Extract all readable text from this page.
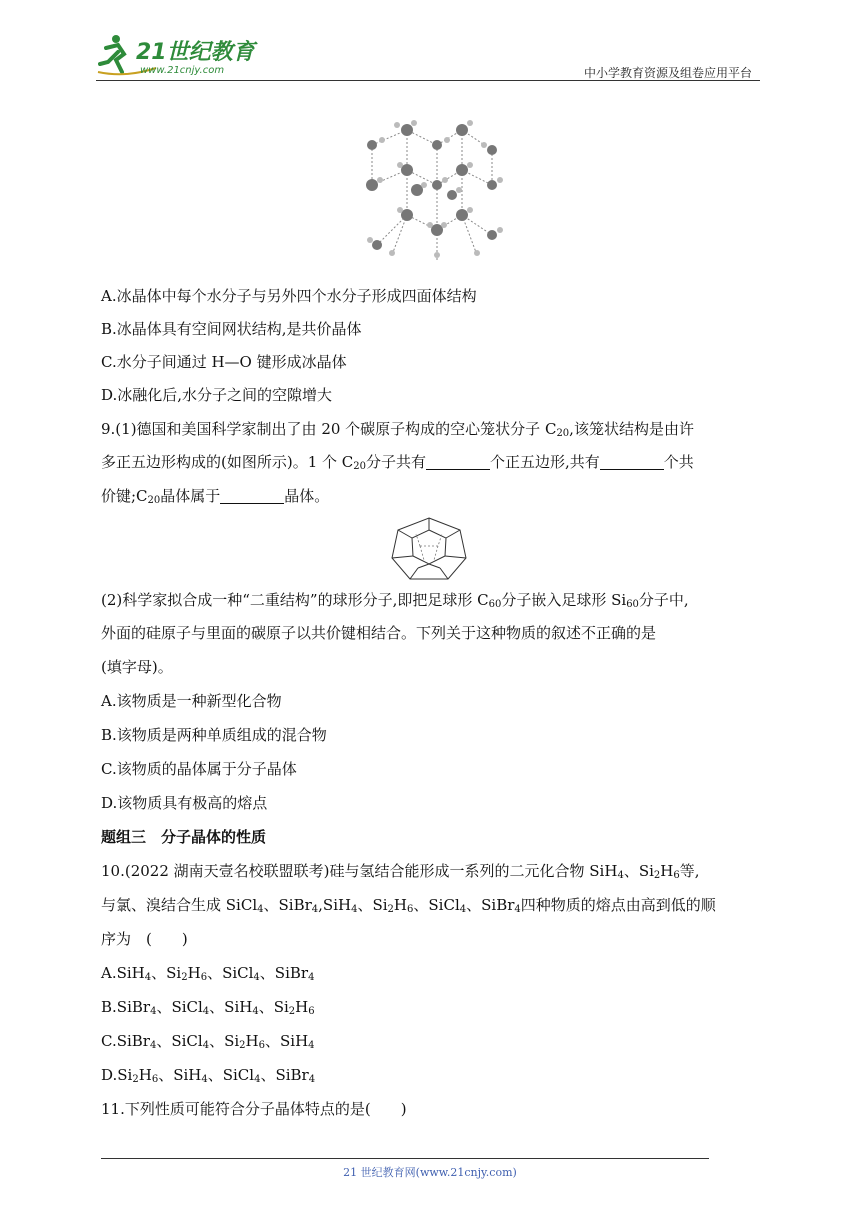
21世纪教育
www.21cnjy.com	中小学教育资源及组卷应用平台
A.冰晶体中每个水分子与另外四个水分子形成四面体结构
B.冰晶体具有空间网状结构,是共价晶体
C.水分子间通过 H—O 键形成冰晶体
D.冰融化后,水分子之间的空隙增大
9.(1)德国和美国科学家制出了由 20 个碳原子构成的空心笼状分子 $C_{20}$,该笼状结构是由许
多正五边形构成的(如图所示)。1 个 $C_{20}$分子共有	个正五边形,共有	个共
价键$;C_{20}$晶体属于	晶体。
(2)科学家拟合成一种“二重结构”的球形分子,即把足球形 $C_{60}$分子嵌入足球形 $Si_{60}$分子中,
外面的硅原子与里面的碳原子以共价键相结合。下列关于这种物质的叙述不正确的是
(填字母)。
A.该物质是一种新型化合物
B.该物质是两种单质组成的混合物
C.该物质的晶体属于分子晶体
D.该物质具有极高的熔点
题组三　分子晶体的性质
10.(2022 湖南天壹名校联盟联考)硅与氢结合能形成一系列的二元化合物 SiH$_4$、$Si_2H_6$等,
与氯、溴结合生成 SiCl$_4$、SiBr$_4$,SiH$_4$、$Si_2H_6$、SiCl$_4$、SiBr$_4$四种物质的熔点由高到低的顺
序为　(　　)
A.SiH$_4$、$Si_2H_6$、SiCl$_4$、SiBr$_4$
B.SiBr$_4$、SiCl$_4$、SiH$_4$、$Si_2H_6$
C.SiBr$_4$、SiCl$_4$、$Si_2H_6$、SiH$_4$
$D.Si_2H_6$、SiH$_4$、SiCl$_4$、SiBr$_4$
11.下列性质可能符合分子晶体特点的是(　　)
21 世纪教育网(www.21cnjy.com)
